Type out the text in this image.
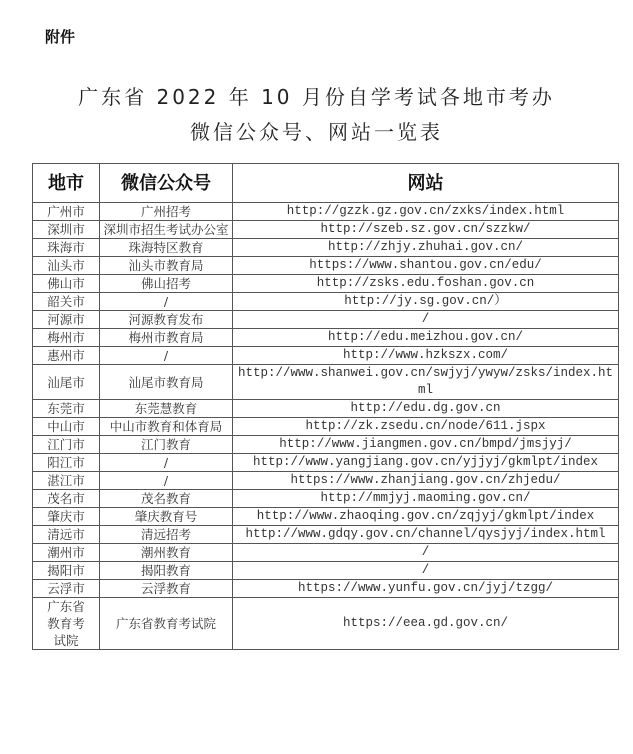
附件
广东省 2022 年 10 月份自学考试各地市考办
微信公众号、网站一览表
地市	微信公众号	网站
广州市	广州招考	http://gzzk.gz.gov.cn/zxks/index.html
深圳市	深圳市招生考试办公室	http://szeb.sz.gov.cn/szzkw/
珠海市	珠海特区教育	http://zhjy.zhuhai.gov.cn/
汕头市	汕头市教育局	https://www.shantou.gov.cn/edu/
佛山市	佛山招考	http://zsks.edu.foshan.gov.cn
韶关市	/	http://jy.sg.gov.cn/）
河源市	河源教育发布	/
梅州市	梅州市教育局	http://edu.meizhou.gov.cn/
惠州市	/	http://www.hzkszx.com/
汕尾市	汕尾市教育局	http://www.shanwei.gov.cn/swjyj/ywyw/zsks/index.html
东莞市	东莞慧教育	http://edu.dg.gov.cn
中山市	中山市教育和体育局	http://zk.zsedu.cn/node/611.jspx
江门市	江门教育	http://www.jiangmen.gov.cn/bmpd/jmsjyj/
阳江市	/	http://www.yangjiang.gov.cn/yjjyj/gkmlpt/index
湛江市	/	https://www.zhanjiang.gov.cn/zhjedu/
茂名市	茂名教育	http://mmjyj.maoming.gov.cn/
肇庆市	肇庆教育号	http://www.zhaoqing.gov.cn/zqjyj/gkmlpt/index
清远市	清远招考	http://www.gdqy.gov.cn/channel/qysjyj/index.html
潮州市	潮州教育	/
揭阳市	揭阳教育	/
云浮市	云浮教育	https://www.yunfu.gov.cn/jyj/tzgg/
广东省教育考试院	广东省教育考试院	https://eea.gd.gov.cn/
